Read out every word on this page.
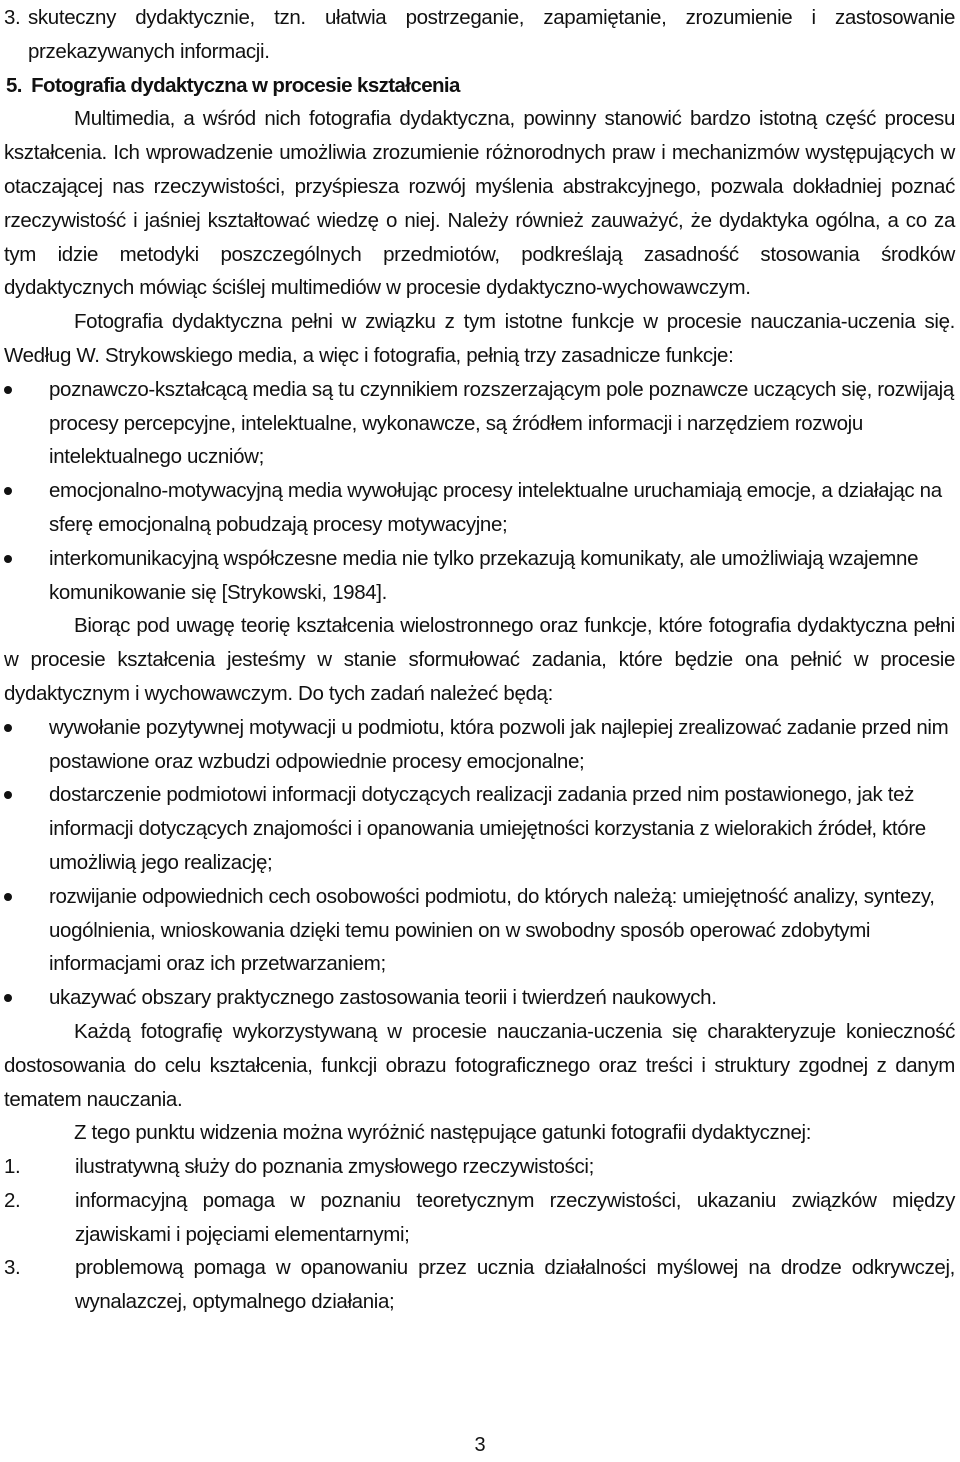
3. skuteczny dydaktycznie, tzn. ułatwia postrzeganie, zapamiętanie, zrozumienie i zastosowanie przekazywanych informacji.

5. Fotografia dydaktyczna w procesie kształcenia

Multimedia, a wśród nich fotografia dydaktyczna, powinny stanowić bardzo istotną część procesu kształcenia. Ich wprowadzenie umożliwia zrozumienie różnorodnych praw i mechanizmów występujących w otaczającej nas rzeczywistości, przyśpiesza rozwój myślenia abstrakcyjnego, pozwala dokładniej poznać rzeczywistość i jaśniej kształtować wiedzę o niej. Należy również zauważyć, że dydaktyka ogólna, a co za tym idzie metodyki poszczególnych przedmiotów, podkreślają zasadność stosowania środków dydaktycznych mówiąc ściślej multimediów w procesie dydaktyczno-wychowawczym.

Fotografia dydaktyczna pełni w związku z tym istotne funkcje w procesie nauczania-uczenia się. Według W. Strykowskiego media, a więc i fotografia, pełnią trzy zasadnicze funkcje:

poznawczo-kształcącą media są tu czynnikiem rozszerzającym pole poznawcze uczących się, rozwijają procesy percepcyjne, intelektualne, wykonawcze, są źródłem informacji i narzędziem rozwoju intelektualnego uczniów;
emocjonalno-motywacyjną media wywołując procesy intelektualne uruchamiają emocje, a działając na sferę emocjonalną pobudzają procesy motywacyjne;
interkomunikacyjną współczesne media nie tylko przekazują komunikaty, ale umożliwiają wzajemne komunikowanie się [Strykowski, 1984].

Biorąc pod uwagę teorię kształcenia wielostronnego oraz funkcje, które fotografia dydaktyczna pełni w procesie kształcenia jesteśmy w stanie sformułować zadania, które będzie ona pełnić w procesie dydaktycznym i wychowawczym. Do tych zadań należeć będą:

wywołanie pozytywnej motywacji u podmiotu, która pozwoli jak najlepiej zrealizować zadanie przed nim postawione oraz wzbudzi odpowiednie procesy emocjonalne;
dostarczenie podmiotowi informacji dotyczących realizacji zadania przed nim postawionego, jak też informacji dotyczących znajomości i opanowania umiejętności korzystania z wielorakich źródeł, które umożliwią jego realizację;
rozwijanie odpowiednich cech osobowości podmiotu, do których należą: umiejętność analizy, syntezy, uogólnienia, wnioskowania dzięki temu powinien on w swobodny sposób operować zdobytymi informacjami oraz ich przetwarzaniem;
ukazywać obszary praktycznego zastosowania teorii i twierdzeń naukowych.

Każdą fotografię wykorzystywaną w procesie nauczania-uczenia się charakteryzuje konieczność dostosowania do celu kształcenia, funkcji obrazu fotograficznego oraz treści i struktury zgodnej z danym tematem nauczania.

Z tego punktu widzenia można wyróżnić następujące gatunki fotografii dydaktycznej:

1.	ilustratywną służy do poznania zmysłowego rzeczywistości;
2.	informacyjną pomaga w poznaniu teoretycznym rzeczywistości, ukazaniu związków między zjawiskami i pojęciami elementarnymi;
3.	problemową pomaga w opanowaniu przez ucznia działalności myślowej na drodze odkrywczej, wynalazczej, optymalnego działania;
3
